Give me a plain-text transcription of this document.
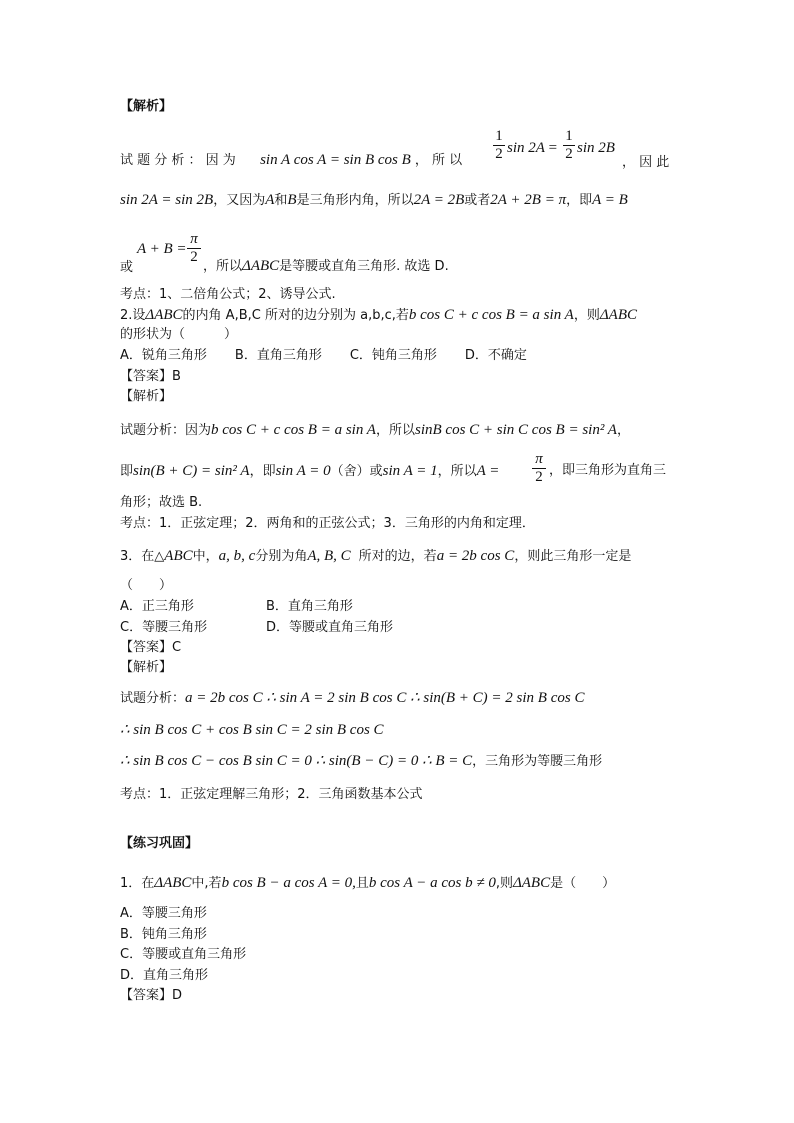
【解析】
试 题 分 析 ： 因 为 sin A cos A = sin B cos B ， 所 以
1
2 sin 2A =
1
2 sin 2B
， 因 此
sin 2A = sin 2B，又因为A和B是三角形内角，所以2A = 2B或者2A + 2B = π，即A = B
A + B =
π
2
或	，所以ΔABC是等腰或直角三角形. 故选 D.
考点：1、二倍角公式；2、诱导公式.
2.设ΔABC的内角 A,B,C 所对的边分别为 a,b,c,若b cos C + c cos B = a sin A，则ΔABC
的形状为（　　　）
A．锐角三角形 B．直角三角形 C．钝角三角形 D．不确定
【答案】B
【解析】
试题分析：因为b cos C + c cos B = a sin A，所以sinB cos C + sin C cos B = sin² A，
即sin(B + C) = sin² A，即sin A = 0（舍）或sin A = 1，所以A =
π
2 ，即三角形为直角三
角形；故选 B.
考点：1．正弦定理；2．两角和的正弦公式；3．三角形的内角和定理．
3．在△ABC中，a, b, c分别为角A, B, C 所对的边，若a = 2b cos C，则此三角形一定是
（　　）
A．正三角形	B．直角三角形
C．等腰三角形	D．等腰或直角三角形
【答案】C
【解析】
试题分析：a = 2b cos C ∴ sin A = 2 sin B cos C ∴ sin(B + C) = 2 sin B cos C
∴ sin B cos C + cos B sin C = 2 sin B cos C
∴ sin B cos C − cos B sin C = 0 ∴ sin(B − C) = 0 ∴ B = C，三角形为等腰三角形
考点：1．正弦定理解三角形；2．三角函数基本公式
【练习巩固】
1．在ΔABC中,若b cos B − a cos A = 0,且b cos A − a cos b ≠ 0,则ΔABC是（　　）
A．等腰三角形
B．钝角三角形
C．等腰或直角三角形
D．直角三角形
【答案】D
